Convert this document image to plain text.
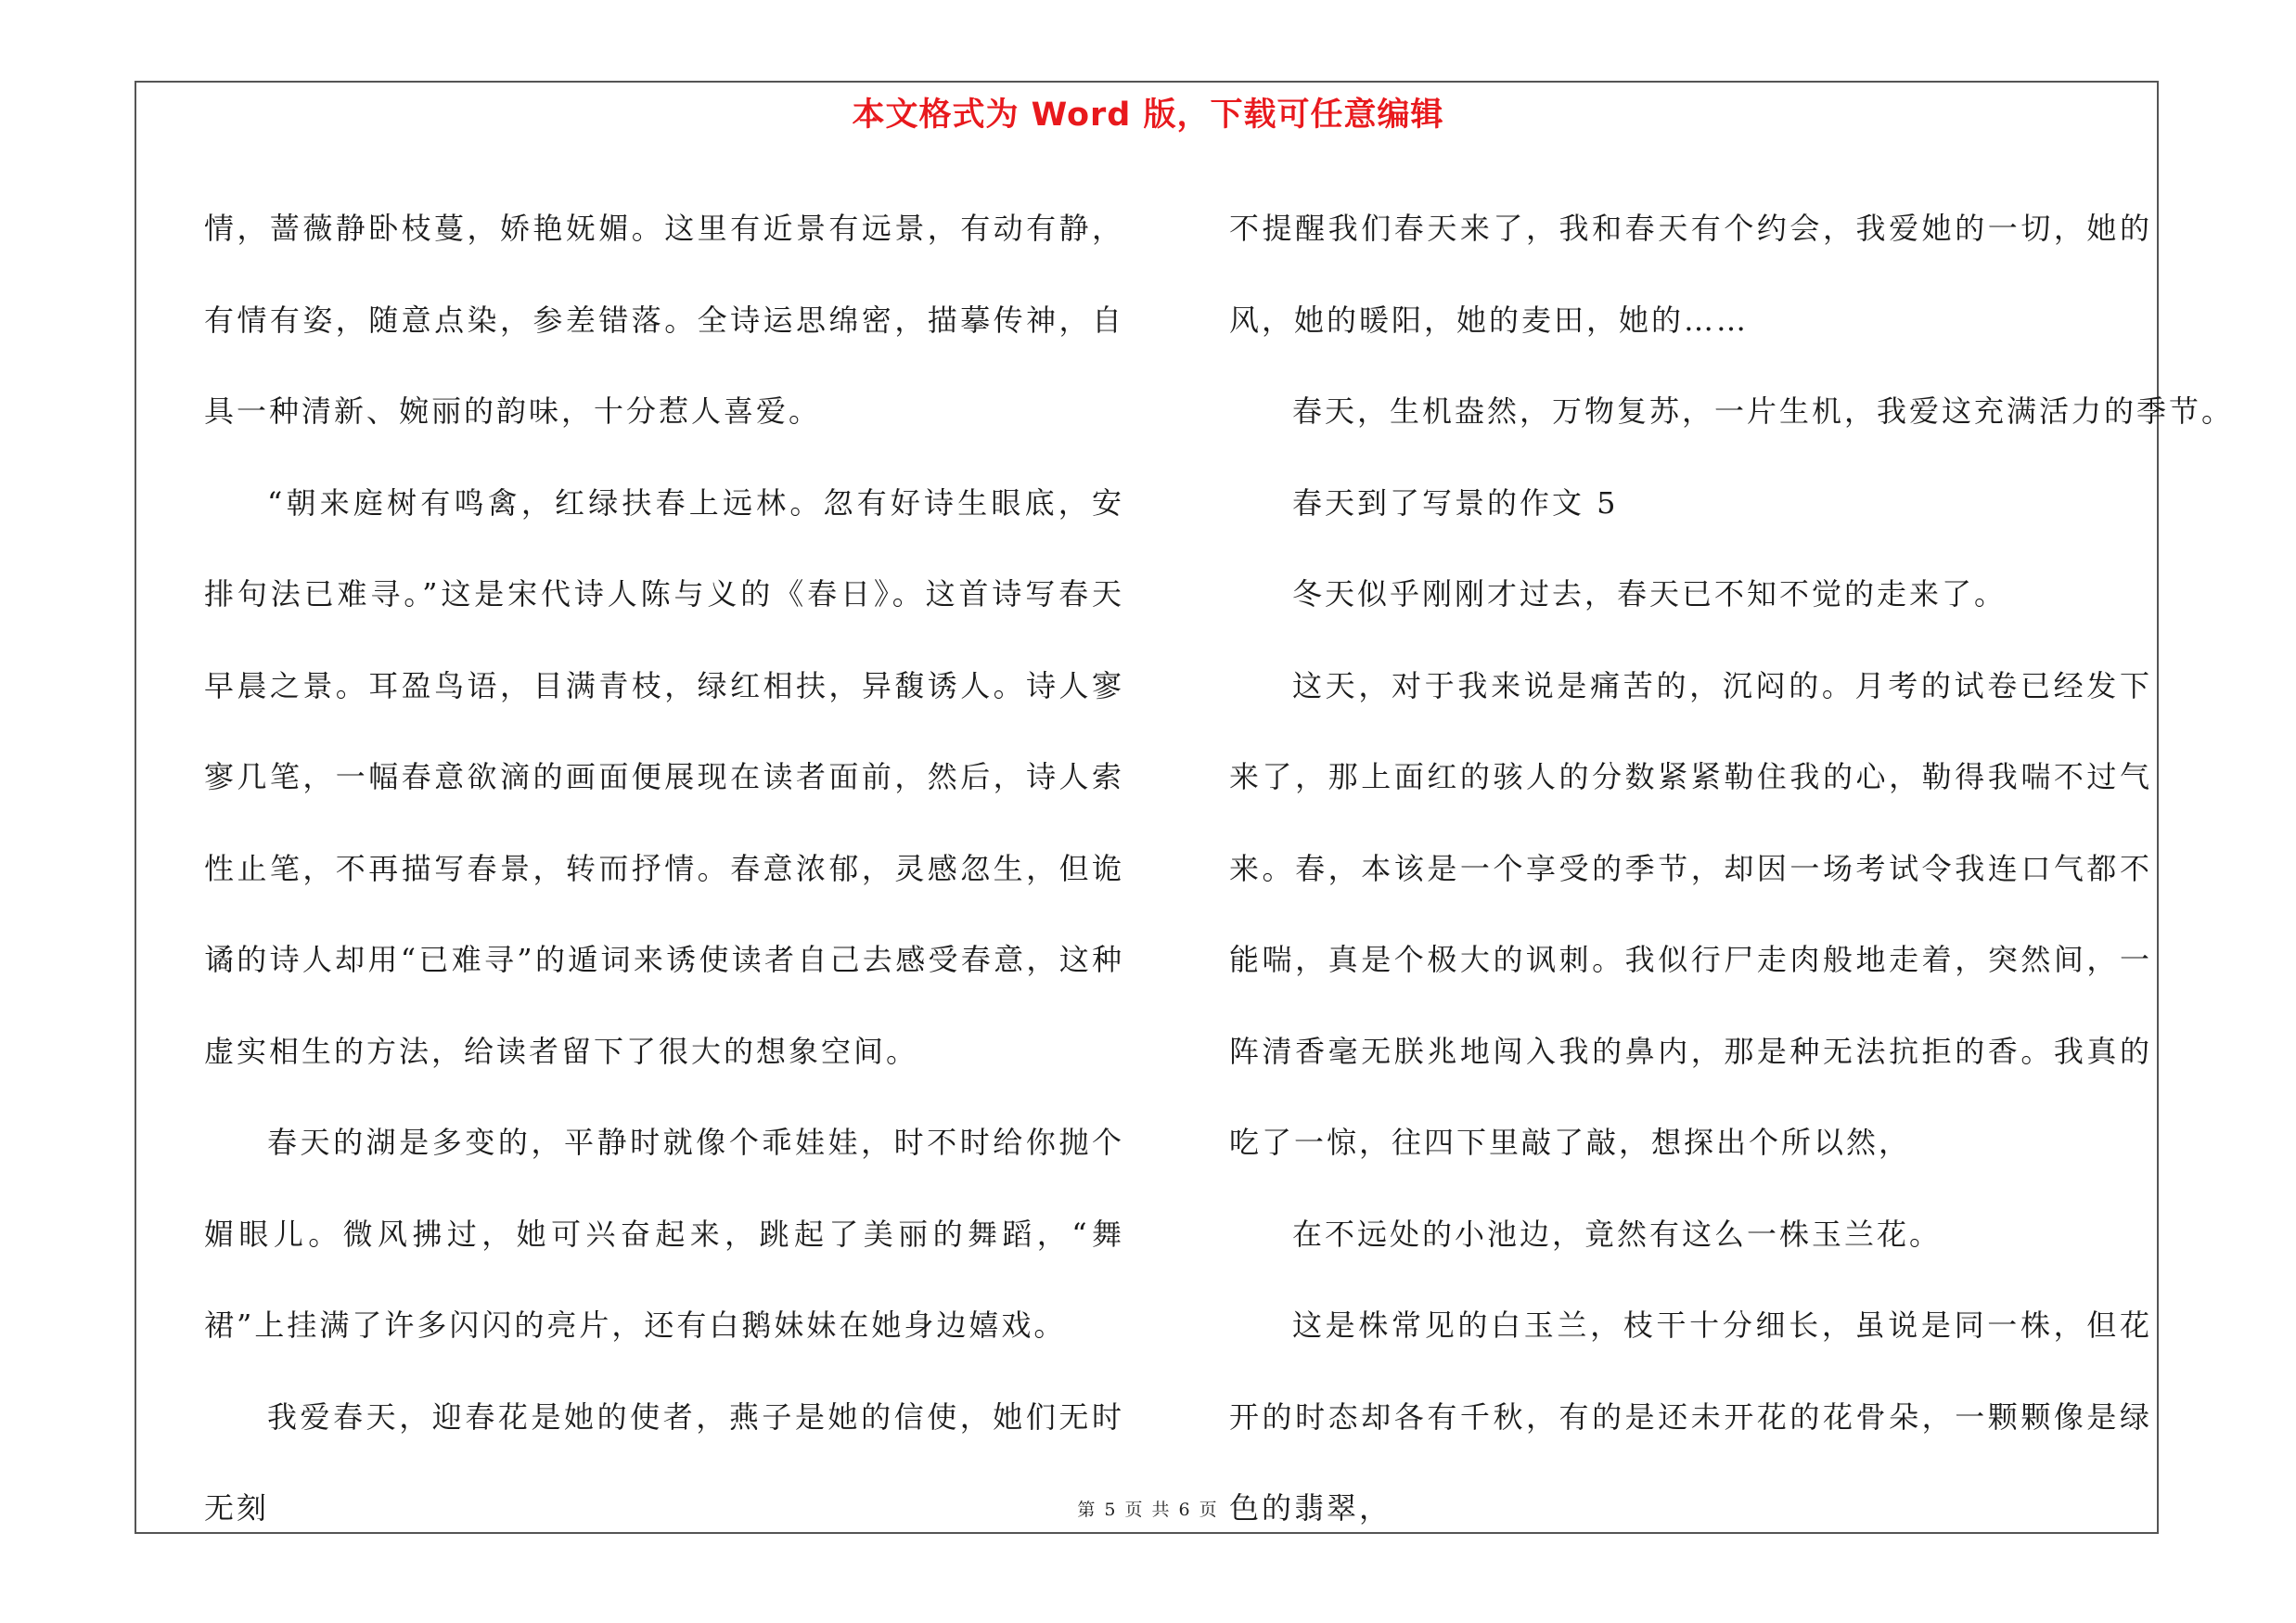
本文格式为 Word 版，下载可任意编辑

情，蔷薇静卧枝蔓，娇艳妩媚。这里有近景有远景，有动有静，有情有姿，随意点染，参差错落。全诗运思绵密，描摹传神，自具一种清新、婉丽的韵味，十分惹人喜爱。

“朝来庭树有鸣禽，红绿扶春上远林。忽有好诗生眼底，安排句法已难寻。”这是宋代诗人陈与义的《春日》。这首诗写春天早晨之景。耳盈鸟语，目满青枝，绿红相扶，异馥诱人。诗人寥寥几笔，一幅春意欲滴的画面便展现在读者面前，然后，诗人索性止笔，不再描写春景，转而抒情。春意浓郁，灵感忽生，但诡谲的诗人却用“已难寻”的遁词来诱使读者自己去感受春意，这种虚实相生的方法，给读者留下了很大的想象空间。

春天的湖是多变的，平静时就像个乖娃娃，时不时给你抛个媚眼儿。微风拂过，她可兴奋起来，跳起了美丽的舞蹈，“舞裙”上挂满了许多闪闪的亮片，还有白鹅妹妹在她身边嬉戏。

我爱春天，迎春花是她的使者，燕子是她的信使，她们无时无刻

不提醒我们春天来了，我和春天有个约会，我爱她的一切，她的风，她的暖阳，她的麦田，她的……

春天，生机盎然，万物复苏，一片生机，我爱这充满活力的季节。

春天到了写景的作文 5

冬天似乎刚刚才过去，春天已不知不觉的走来了。

这天，对于我来说是痛苦的，沉闷的。月考的试卷已经发下来了，那上面红的骇人的分数紧紧勒住我的心，勒得我喘不过气来。春，本该是一个享受的季节，却因一场考试令我连口气都不能喘，真是个极大的讽刺。我似行尸走肉般地走着，突然间，一阵清香毫无朕兆地闯入我的鼻内，那是种无法抗拒的香。我真的吃了一惊，往四下里敲了敲，想探出个所以然，

在不远处的小池边，竟然有这么一株玉兰花。

这是株常见的白玉兰，枝干十分细长，虽说是同一株，但花开的时态却各有千秋，有的是还未开花的花骨朵，一颗颗像是绿色的翡翠，

第 5 页 共 6 页
